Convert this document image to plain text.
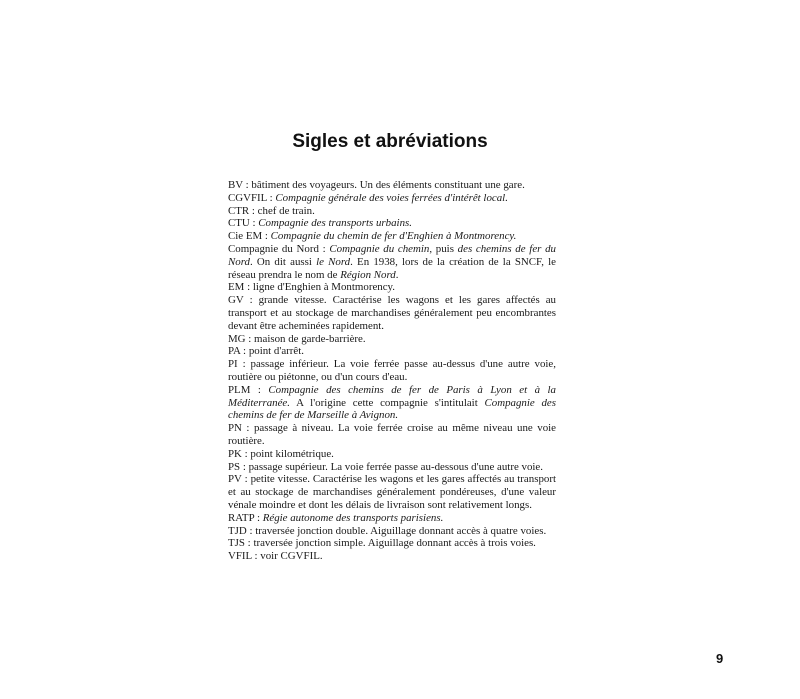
Sigles et abréviations

BV : bâtiment des voyageurs. Un des éléments constituant une gare.

CGVFIL : Compagnie générale des voies ferrées d'intérêt local.

CTR : chef de train.

CTU : Compagnie des transports urbains.

Cie EM : Compagnie du chemin de fer d'Enghien à Montmorency.

Compagnie du Nord : Compagnie du chemin, puis des chemins de fer du Nord. On dit aussi le Nord. En 1938, lors de la création de la SNCF, le réseau prendra le nom de Région Nord.

EM : ligne d'Enghien à Montmorency.

GV : grande vitesse. Caractérise les wagons et les gares affectés au transport et au stockage de marchandises généralement peu encombrantes devant être acheminées rapidement.

MG : maison de garde-barrière.

PA : point d'arrêt.

PI : passage inférieur. La voie ferrée passe au-dessus d'une autre voie, routière ou piétonne, ou d'un cours d'eau.

PLM : Compagnie des chemins de fer de Paris à Lyon et à la Méditerranée. A l'origine cette compagnie s'intitulait Compagnie des chemins de fer de Marseille à Avignon.

PN : passage à niveau. La voie ferrée croise au même niveau une voie routière.

PK : point kilométrique.

PS : passage supérieur. La voie ferrée passe au-dessous d'une autre voie.

PV : petite vitesse. Caractérise les wagons et les gares affectés au transport et au stockage de marchandises généralement pondéreuses, d'une valeur vénale moindre et dont les délais de livraison sont relativement longs.

RATP : Régie autonome des transports parisiens.

TJD : traversée jonction double. Aiguillage donnant accès à quatre voies.

TJS : traversée jonction simple. Aiguillage donnant accès à trois voies.

VFIL : voir CGVFIL.

9
